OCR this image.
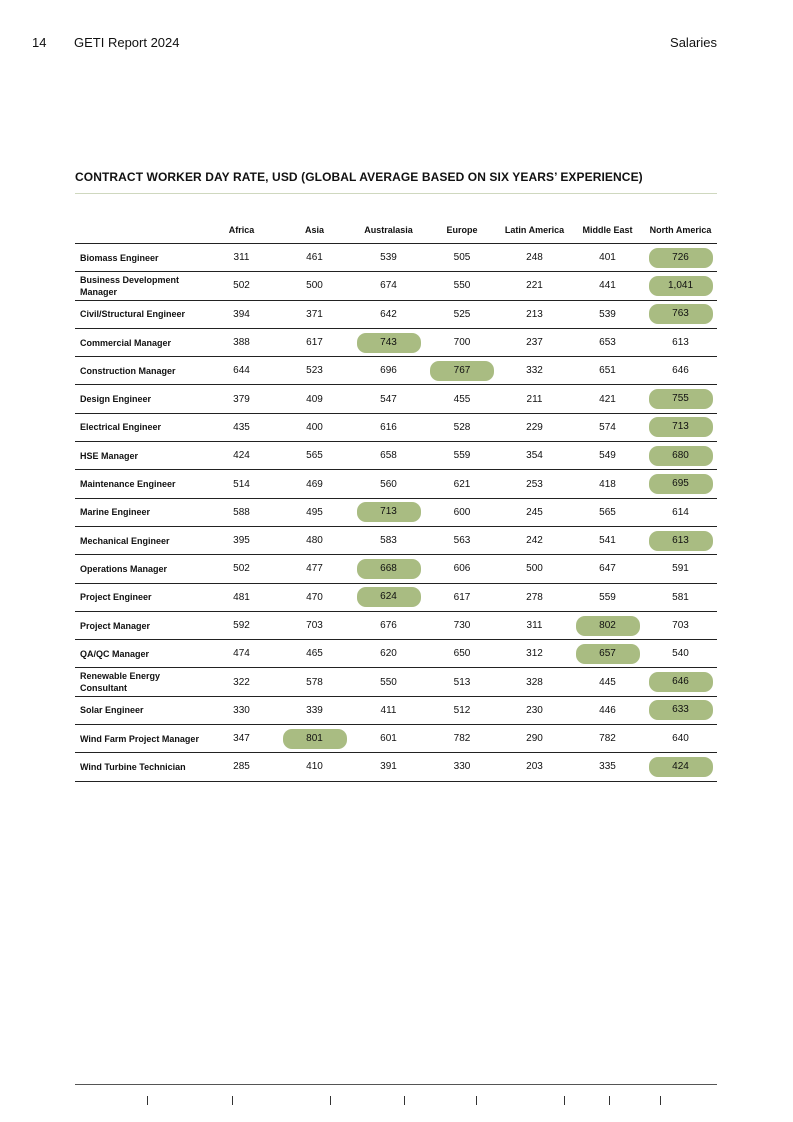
14 GETI Report 2024	Salaries
CONTRACT WORKER DAY RATE, USD (GLOBAL AVERAGE BASED ON SIX YEARS’ EXPERIENCE)
	Africa	Asia	Australasia	Europe	Latin America	Middle East	North America
Biomass Engineer	311	461	539	505	248	401	726
Business Development Manager	502	500	674	550	221	441	1,041
Civil/Structural Engineer	394	371	642	525	213	539	763
Commercial Manager	388	617	743	700	237	653	613
Construction Manager	644	523	696	767	332	651	646
Design Engineer	379	409	547	455	211	421	755
Electrical Engineer	435	400	616	528	229	574	713
HSE Manager	424	565	658	559	354	549	680
Maintenance Engineer	514	469	560	621	253	418	695
Marine Engineer	588	495	713	600	245	565	614
Mechanical Engineer	395	480	583	563	242	541	613
Operations Manager	502	477	668	606	500	647	591
Project Engineer	481	470	624	617	278	559	581
Project Manager	592	703	676	730	311	802	703
QA/QC Manager	474	465	620	650	312	657	540
Renewable Energy Consultant	322	578	550	513	328	445	646
Solar Engineer	330	339	411	512	230	446	633
Wind Farm Project Manager	347	801	601	782	290	782	640
Wind Turbine Technician	285	410	391	330	203	335	424
